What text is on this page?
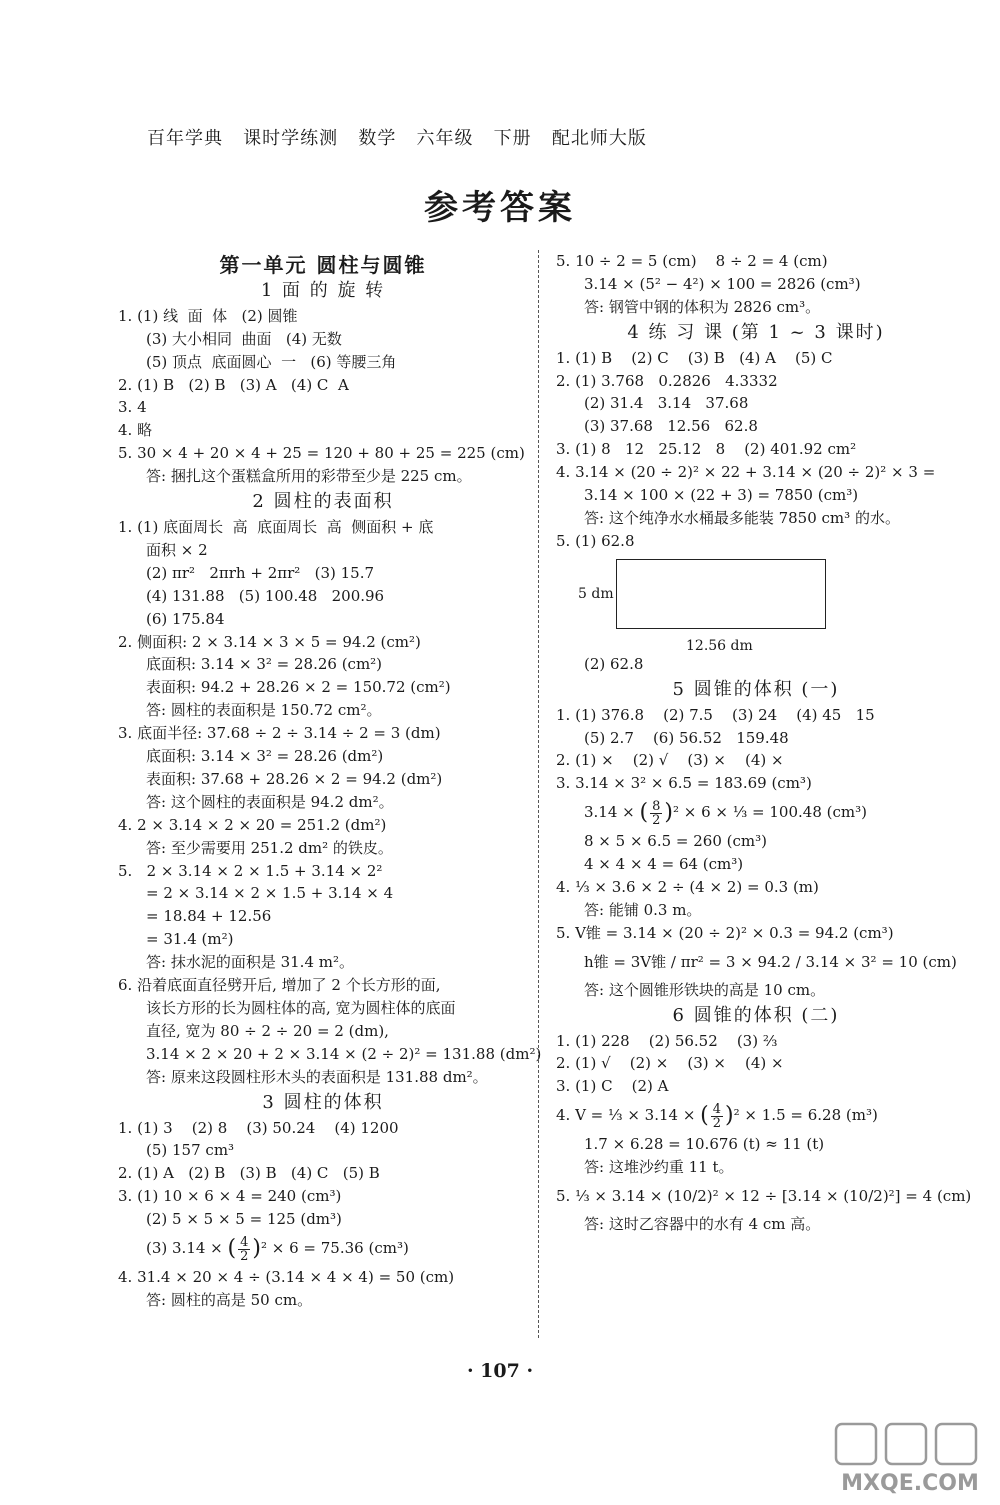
百年学典   课时学练测   数学   六年级   下册   配北师大版
参考答案
第一单元 圆柱与圆锥
1 面 的 旋 转
1. (1) 线  面  体   (2) 圆锥
(3) 大小相同  曲面   (4) 无数
(5) 顶点  底面圆心  一   (6) 等腰三角
2. (1) B   (2) B   (3) A   (4) C  A
3. 4
4. 略
5. 30 × 4 + 20 × 4 + 25 = 120 + 80 + 25 = 225 (cm)
答: 捆扎这个蛋糕盒所用的彩带至少是 225 cm。
2 圆柱的表面积
1. (1) 底面周长  高  底面周长  高  侧面积 + 底
面积 × 2
(2) πr²   2πrh + 2πr²   (3) 15.7
(4) 131.88   (5) 100.48   200.96
(6) 175.84
2. 侧面积: 2 × 3.14 × 3 × 5 = 94.2 (cm²)
底面积: 3.14 × 3² = 28.26 (cm²)
表面积: 94.2 + 28.26 × 2 = 150.72 (cm²)
答: 圆柱的表面积是 150.72 cm²。
3. 底面半径: 37.68 ÷ 2 ÷ 3.14 ÷ 2 = 3 (dm)
底面积: 3.14 × 3² = 28.26 (dm²)
表面积: 37.68 + 28.26 × 2 = 94.2 (dm²)
答: 这个圆柱的表面积是 94.2 dm²。
4. 2 × 3.14 × 2 × 20 = 251.2 (dm²)
答: 至少需要用 251.2 dm² 的铁皮。
5.   2 × 3.14 × 2 × 1.5 + 3.14 × 2²
= 2 × 3.14 × 2 × 1.5 + 3.14 × 4
= 18.84 + 12.56
= 31.4 (m²)
答: 抹水泥的面积是 31.4 m²。
6. 沿着底面直径劈开后, 增加了 2 个长方形的面,
该长方形的长为圆柱体的高, 宽为圆柱体的底面
直径, 宽为 80 ÷ 2 ÷ 20 = 2 (dm),
3.14 × 2 × 20 + 2 × 3.14 × (2 ÷ 2)² = 131.88 (dm²)
答: 原来这段圆柱形木头的表面积是 131.88 dm²。
3 圆柱的体积
1. (1) 3    (2) 8    (3) 50.24    (4) 1200
(5) 157 cm³
2. (1) A   (2) B   (3) B   (4) C   (5) B
3. (1) 10 × 6 × 4 = 240 (cm³)
(2) 5 × 5 × 5 = 125 (dm³)
(3) 3.14 × ( $\frac{4}{2} )^2 \times 6 = 75.36$ (cm³)
4. 31.4 × 20 × 4 ÷ (3.14 × 4 × 4) = 50 (cm)
答: 圆柱的高是 50 cm。
5. 10 ÷ 2 = 5 (cm)    8 ÷ 2 = 4 (cm)
3.14 × (5² − 4²) × 100 = 2826 (cm³)
答: 钢管中钢的体积为 2826 cm³。
4 练 习 课 (第 1 ~ 3 课时)
1. (1) B    (2) C    (3) B   (4) A    (5) C
2. (1) 3.768   0.2826   4.3332
(2) 31.4   3.14   37.68
(3) 37.68   12.56   62.8
3. (1) 8   12   25.12   8    (2) 401.92 cm²
4. 3.14 × (20 ÷ 2)² × 22 + 3.14 × (20 ÷ 2)² × 3 =
3.14 × 100 × (22 + 3) = 7850 (cm³)
答: 这个纯净水水桶最多能装 7850 cm³ 的水。
5. (1) 62.8
5 dm
12.56 dm
(2) 62.8
5 圆锥的体积 (一)
1. (1) 376.8    (2) 7.5    (3) 24    (4) 45   15
(5) 2.7    (6) 56.52   159.48
2. (1) ×    (2) √    (3) ×    (4) ×
3. 3.14 × 3² × 6.5 = 183.69 (cm³)
3.14 × ( $\frac{8}{2} )^2 \times 6$ × ⅓ = 100.48 (cm³)
8 × 5 × 6.5 = 260 (cm³)
4 × 4 × 4 = 64 (cm³)
4. ⅓ × 3.6 × 2 ÷ (4 × 2) = 0.3 (m)
答: 能铺 0.3 m。
5. V锥 = 3.14 × (20 ÷ 2)² × 0.3 = 94.2 (cm³)
h锥 = 3V锥 / πr² = 3 × 94.2 / 3.14 × 3² = 10 (cm)
答: 这个圆锥形铁块的高是 10 cm。
6 圆锥的体积 (二)
1. (1) 228    (2) 56.52    (3) ⅔
2. (1) √    (2) ×    (3) ×    (4) ×
3. (1) C    (2) A
4. V = ⅓ × 3.14 × ( $\frac{4}{2} )^2 \times 1.5 = 6.28$ (m³)
1.7 × 6.28 = 10.676 (t) ≈ 11 (t)
答: 这堆沙约重 11 t。
5. ⅓ × 3.14 × (10/2)² × 12 ÷ [3.14 × (10/2)²] = 4 (cm)
答: 这时乙容器中的水有 4 cm 高。
· 107 ·
MXQE.COM
